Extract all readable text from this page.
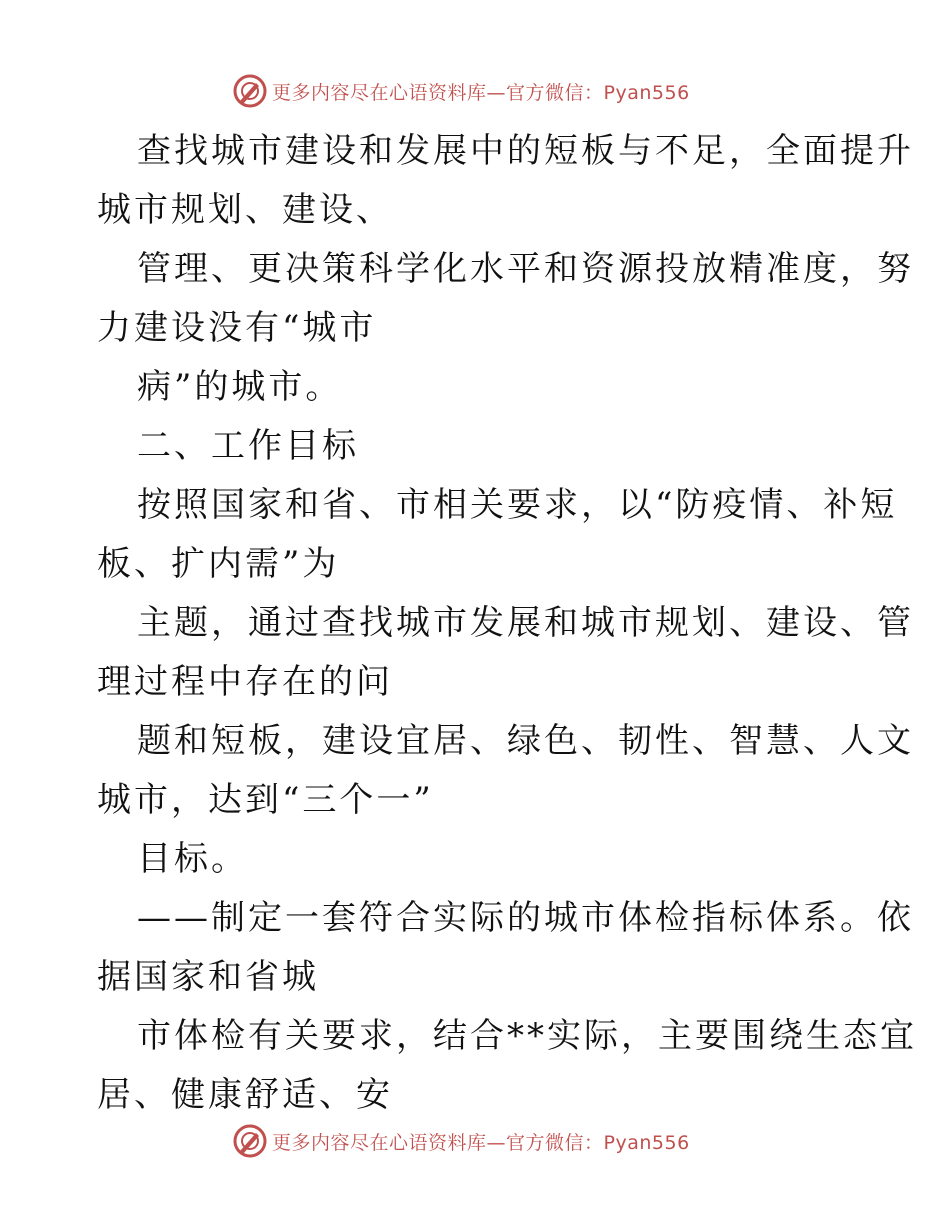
更多内容尽在心语资料库—官方微信：Pyan556
查找城市建设和发展中的短板与不足，全面提升
城市规划、建设、
管理、更决策科学化水平和资源投放精准度，努
力建设没有“城市
病”的城市。
二、工作目标
按照国家和省、市相关要求，以“防疫情、补短
板、扩内需”为
主题，通过查找城市发展和城市规划、建设、管
理过程中存在的问
题和短板，建设宜居、绿色、韧性、智慧、人文
城市，达到“三个一”
目标。
——制定一套符合实际的城市体检指标体系。依
据国家和省城
市体检有关要求，结合**实际，主要围绕生态宜
居、健康舒适、安
更多内容尽在心语资料库—官方微信：Pyan556
